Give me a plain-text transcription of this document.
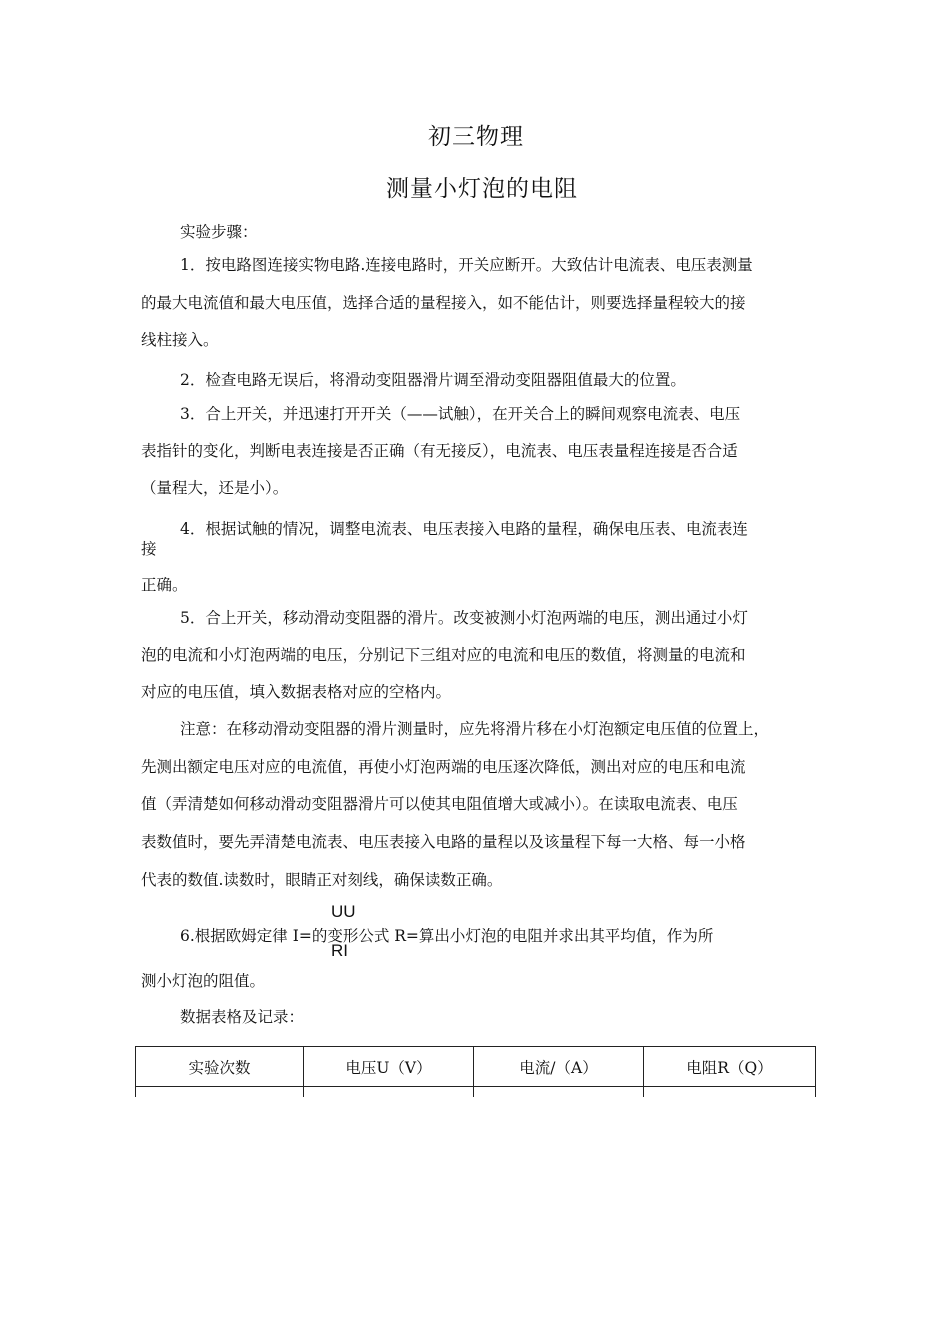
初三物理
测量小灯泡的电阻
实验步骤：
1．按电路图连接实物电路.连接电路时，开关应断开。大致估计电流表、电压表测量
的最大电流值和最大电压值，选择合适的量程接入，如不能估计，则要选择量程较大的接
线柱接入。
2．检查电路无误后，将滑动变阻器滑片调至滑动变阻器阻值最大的位置。
3．合上开关，并迅速打开开关（——试触），在开关合上的瞬间观察电流表、电压
表指针的变化，判断电表连接是否正确（有无接反），电流表、电压表量程连接是否合适
（量程大，还是小）。
4．根据试触的情况，调整电流表、电压表接入电路的量程，确保电压表、电流表连
接
正确。
5．合上开关，移动滑动变阻器的滑片。改变被测小灯泡两端的电压，测出通过小灯
泡的电流和小灯泡两端的电压，分别记下三组对应的电流和电压的数值，将测量的电流和
对应的电压值，填入数据表格对应的空格内。
注意：在移动滑动变阻器的滑片测量时，应先将滑片移在小灯泡额定电压值的位置上，
先测出额定电压对应的电流值，再使小灯泡两端的电压逐次降低，测出对应的电压和电流
值（弄清楚如何移动滑动变阻器滑片可以使其电阻值增大或减小）。在读取电流表、电压
表数值时，要先弄清楚电流表、电压表接入电路的量程以及该量程下每一大格、每一小格
代表的数值.读数时，眼睛正对刻线，确保读数正确。
UU
6.根据欧姆定律 I=的变形公式 R=算出小灯泡的电阻并求出其平均值，作为所
RI
测小灯泡的阻值。
数据表格及记录：
实验次数	电压U（V）	电流/（A）	电阻R（Q）
